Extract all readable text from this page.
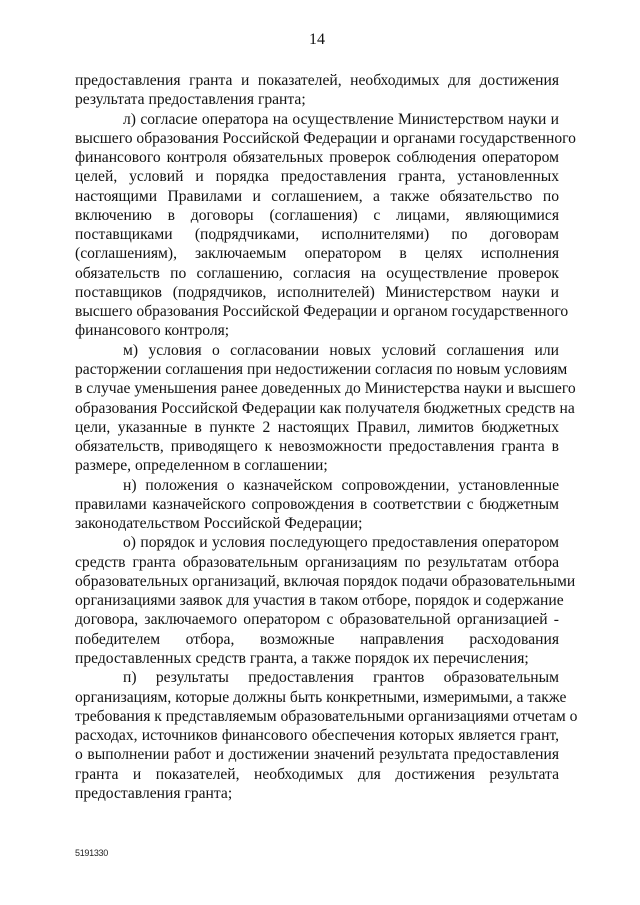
14
предоставления гранта и показателей, необходимых для достижения
результата предоставления гранта;
л) согласие оператора на осуществление Министерством науки и
высшего образования Российской Федерации и органами государственного
финансового контроля обязательных проверок соблюдения оператором
целей, условий и порядка предоставления гранта, установленных
настоящими Правилами и соглашением, а также обязательство по
включению в договоры (соглашения) с лицами, являющимися
поставщиками (подрядчиками, исполнителями) по договорам
(соглашениям), заключаемым оператором в целях исполнения
обязательств по соглашению, согласия на осуществление проверок
поставщиков (подрядчиков, исполнителей) Министерством науки и
высшего образования Российской Федерации и органом государственного
финансового контроля;
м) условия о согласовании новых условий соглашения или
расторжении соглашения при недостижении согласия по новым условиям
в случае уменьшения ранее доведенных до Министерства науки и высшего
образования Российской Федерации как получателя бюджетных средств на
цели, указанные в пункте 2 настоящих Правил, лимитов бюджетных
обязательств, приводящего к невозможности предоставления гранта в
размере, определенном в соглашении;
н) положения о казначейском сопровождении, установленные
правилами казначейского сопровождения в соответствии с бюджетным
законодательством Российской Федерации;
о) порядок и условия последующего предоставления оператором
средств гранта образовательным организациям по результатам отбора
образовательных организаций, включая порядок подачи образовательными
организациями заявок для участия в таком отборе, порядок и содержание
договора, заключаемого оператором с образовательной организацией -
победителем отбора, возможные направления расходования
предоставленных средств гранта, а также порядок их перечисления;
п) результаты предоставления грантов образовательным
организациям, которые должны быть конкретными, измеримыми, а также
требования к представляемым образовательными организациями отчетам о
расходах, источников финансового обеспечения которых является грант,
о выполнении работ и достижении значений результата предоставления
гранта и показателей, необходимых для достижения результата
предоставления гранта;
5191330
